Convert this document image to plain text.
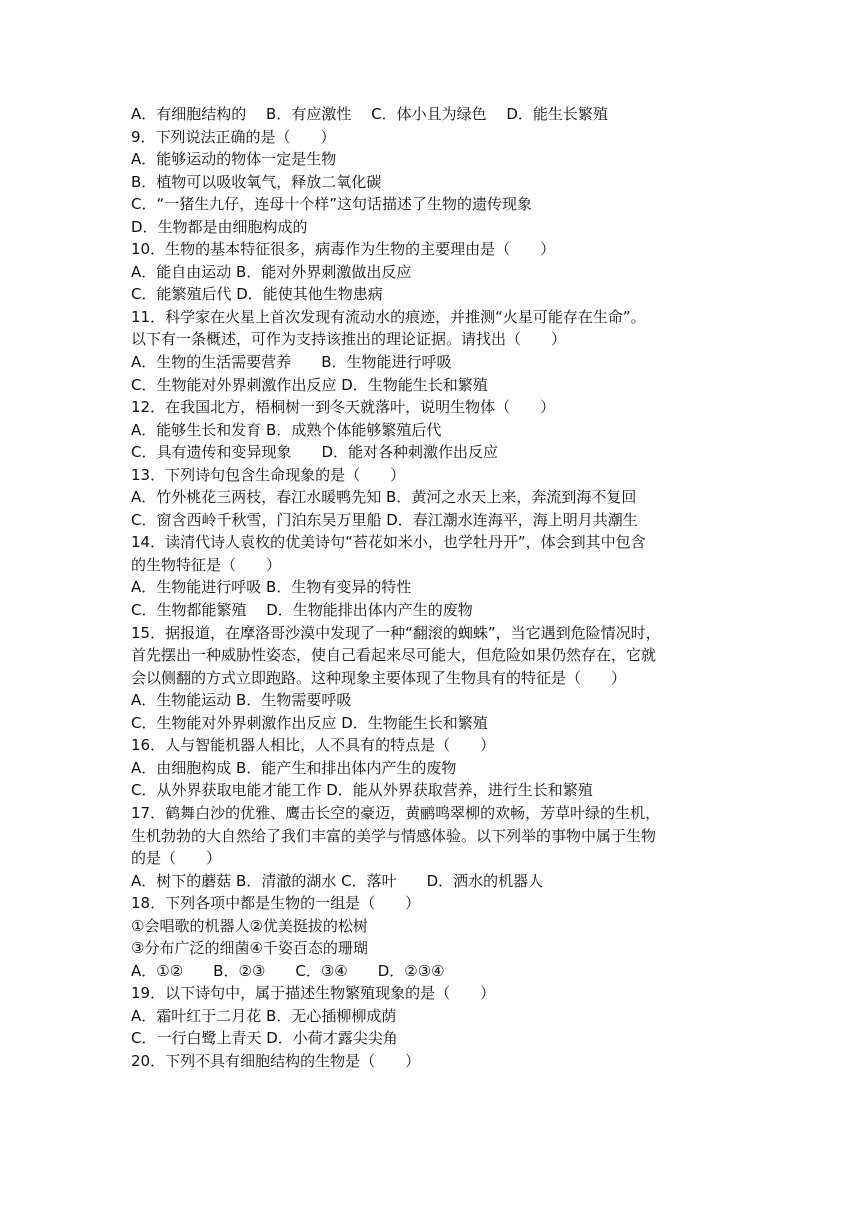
A．有细胞结构的　 B．有应激性　 C．体小且为绿色　 D．能生长繁殖
9．下列说法正确的是（　　）
A．能够运动的物体一定是生物
B．植物可以吸收氧气，释放二氧化碳
C．“一猪生九仔，连母十个样”这句话描述了生物的遗传现象
D．生物都是由细胞构成的
10．生物的基本特征很多，病毒作为生物的主要理由是（　　）
A．能自由运动 B．能对外界刺激做出反应
C．能繁殖后代 D．能使其他生物患病
11．科学家在火星上首次发现有流动水的痕迹，并推测“火星可能存在生命”。
以下有一条概述，可作为支持该推出的理论证据。请找出（　　）
A．生物的生活需要营养　　B．生物能进行呼吸
C．生物能对外界刺激作出反应 D．生物能生长和繁殖
12．在我国北方，梧桐树一到冬天就落叶，说明生物体（　　）
A．能够生长和发育 B．成熟个体能够繁殖后代
C．具有遗传和变异现象　　D．能对各种刺激作出反应
13．下列诗句包含生命现象的是（　　）
A．竹外桃花三两枝，春江水暖鸭先知 B．黄河之水天上来，奔流到海不复回
C．窗含西岭千秋雪，门泊东吴万里船 D．春江潮水连海平，海上明月共潮生
14．读清代诗人袁枚的优美诗句“苔花如米小，也学牡丹开”，体会到其中包含
的生物特征是（　　）
A．生物能进行呼吸 B．生物有变异的特性
C．生物都能繁殖　 D．生物能排出体内产生的废物
15．据报道，在摩洛哥沙漠中发现了一种“翻滚的蜘蛛”，当它遇到危险情况时，
首先摆出一种威胁性姿态，使自己看起来尽可能大，但危险如果仍然存在，它就
会以侧翻的方式立即跑路。这种现象主要体现了生物具有的特征是（　　）
A．生物能运动 B．生物需要呼吸
C．生物能对外界刺激作出反应 D．生物能生长和繁殖
16．人与智能机器人相比，人不具有的特点是（　　）
A．由细胞构成 B．能产生和排出体内产生的废物
C．从外界获取电能才能工作 D．能从外界获取营养，进行生长和繁殖
17．鹤舞白沙的优雅、鹰击长空的豪迈，黄鹂鸣翠柳的欢畅，芳草叶绿的生机，
生机勃勃的大自然给了我们丰富的美学与情感体验。以下列举的事物中属于生物
的是（　　）
A．树下的蘑菇 B．清澈的湖水 C．落叶　　D．洒水的机器人
18．下列各项中都是生物的一组是（　　）
①会唱歌的机器人②优美挺拔的松树
③分布广泛的细菌④千姿百态的珊瑚
A．①②　　B．②③　　C．③④　　D．②③④
19．以下诗句中，属于描述生物繁殖现象的是（　　）
A．霜叶红于二月花 B．无心插柳柳成荫
C．一行白鹭上青天 D．小荷才露尖尖角
20．下列不具有细胞结构的生物是（　　）
